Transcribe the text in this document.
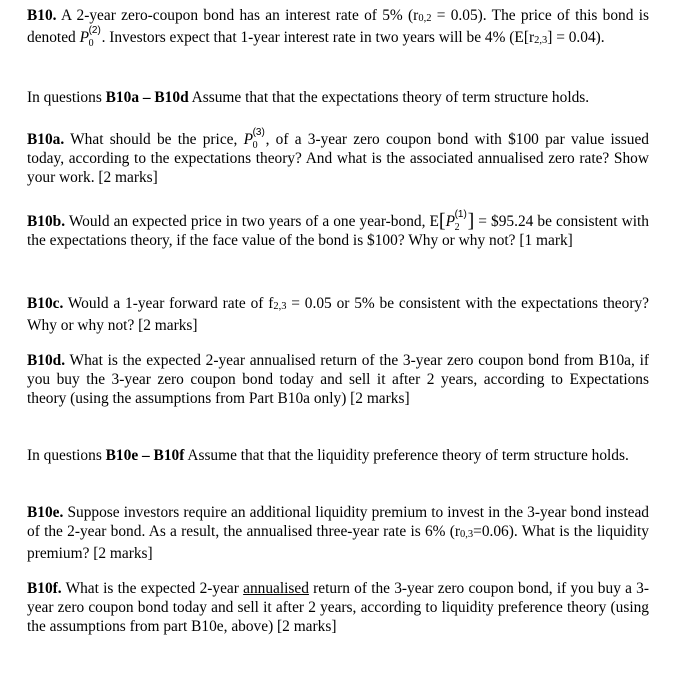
B10. A 2-year zero-coupon bond has an interest rate of 5% (r0,2 = 0.05). The price of this bond is denoted P (2)
0 . Investors expect that 1-year interest rate in two years will be 4% (E[r2,3] = 0.04).

In questions B10a – B10d Assume that that the expectations theory of term structure holds.

B10a. What should be the price, P (3)
0 , of a 3-year zero coupon bond with $100 par value issued today, according to the expectations theory? And what is the associated annualised zero rate? Show your work. [2 marks]

B10b. Would an expected price in two years of a one year-bond, E[ P (1)
2 ] = $95.24 be consistent with the expectations theory, if the face value of the bond is $100? Why or why not? [1 mark]

B10c. Would a 1-year forward rate of f2,3 = 0.05 or 5% be consistent with the expectations theory? Why or why not? [2 marks]

B10d. What is the expected 2-year annualised return of the 3-year zero coupon bond from B10a, if you buy the 3-year zero coupon bond today and sell it after 2 years, according to Expectations theory (using the assumptions from Part B10a only) [2 marks]

In questions B10e – B10f Assume that that the liquidity preference theory of term structure holds.

B10e. Suppose investors require an additional liquidity premium to invest in the 3-year bond instead of the 2-year bond. As a result, the annualised three-year rate is 6% (r0,3=0.06). What is the liquidity premium? [2 marks]

B10f. What is the expected 2-year annualised return of the 3-year zero coupon bond, if you buy a 3-year zero coupon bond today and sell it after 2 years, according to liquidity preference theory (using the assumptions from part B10e, above) [2 marks]
